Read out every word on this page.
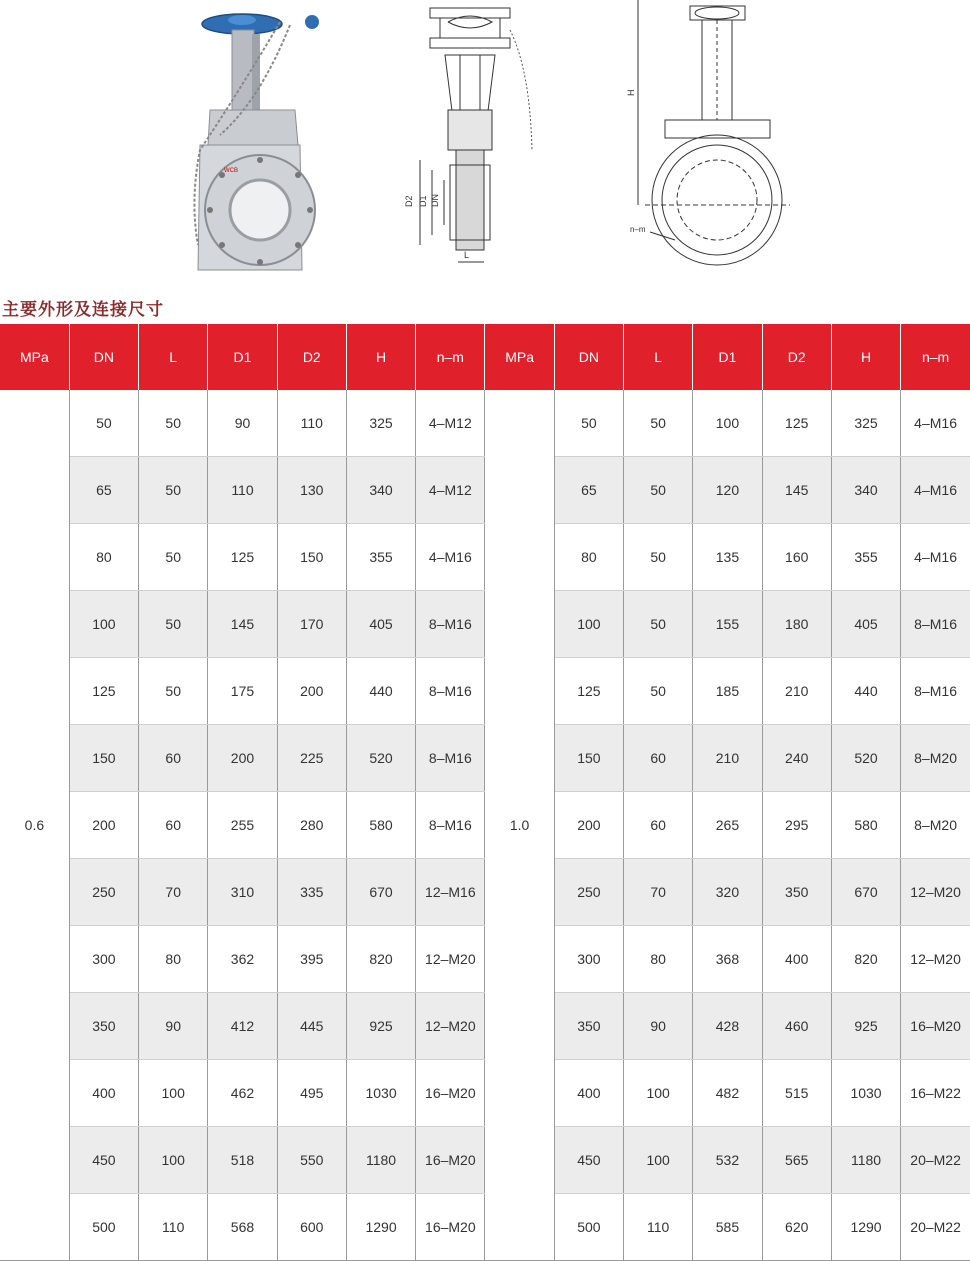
WCB
D2 D1 DN
L
H
n–m
主要外形及连接尺寸
MPa	DN	L	D1	D2	H	n–m	MPa	DN	L	D1	D2	H	n–m
0.6	50	50	90	110	325	4–M12	1.0	50	50	100	125	325	4–M16
	65	50	110	130	340	4–M12		65	50	120	145	340	4–M16
	80	50	125	150	355	4–M16		80	50	135	160	355	4–M16
	100	50	145	170	405	8–M16		100	50	155	180	405	8–M16
	125	50	175	200	440	8–M16		125	50	185	210	440	8–M16
	150	60	200	225	520	8–M16		150	60	210	240	520	8–M20
	200	60	255	280	580	8–M16		200	60	265	295	580	8–M20
	250	70	310	335	670	12–M16		250	70	320	350	670	12–M20
	300	80	362	395	820	12–M20		300	80	368	400	820	12–M20
	350	90	412	445	925	12–M20		350	90	428	460	925	16–M20
	400	100	462	495	1030	16–M20		400	100	482	515	1030	16–M22
	450	100	518	550	1180	16–M20		450	100	532	565	1180	20–M22
	500	110	568	600	1290	16–M20		500	110	585	620	1290	20–M22
